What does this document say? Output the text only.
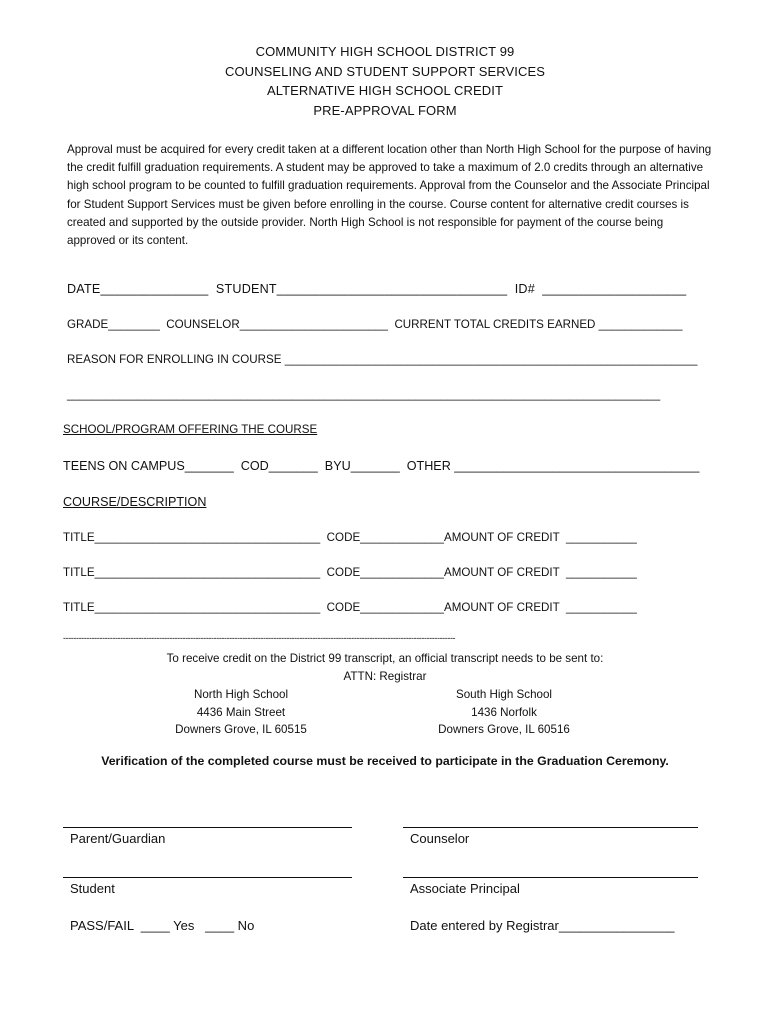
COMMUNITY HIGH SCHOOL DISTRICT 99
COUNSELING AND STUDENT SUPPORT SERVICES
ALTERNATIVE HIGH SCHOOL CREDIT
PRE-APPROVAL FORM
Approval must be acquired for every credit taken at a different location other than North High School for the purpose of having the credit fulfill graduation requirements. A student may be approved to take a maximum of 2.0 credits through an alternative high school program to be counted to fulfill graduation requirements. Approval from the Counselor and the Associate Principal for Student Support Services must be given before enrolling in the course. Course content for alternative credit courses is created and supported by the outside provider. North High School is not responsible for payment of the course being approved or its content.
DATE_______________  STUDENT________________________________  ID#  ____________________
GRADE________  COUNSELOR_______________________  CURRENT TOTAL CREDITS EARNED _____________
REASON FOR ENROLLING IN COURSE ________________________________________________________________
____________________________________________________________________________________________
SCHOOL/PROGRAM OFFERING THE COURSE
TEENS ON CAMPUS_______  COD_______  BYU_______  OTHER ___________________________________
COURSE/DESCRIPTION
TITLE___________________________________  CODE_____________AMOUNT OF CREDIT  ___________
TITLE___________________________________  CODE_____________AMOUNT OF CREDIT  ___________
TITLE___________________________________  CODE_____________AMOUNT OF CREDIT  ___________
-------------------------------------------------------------------------------------------------------------------------------------------------------
To receive credit on the District 99 transcript, an official transcript needs to be sent to:
ATTN: Registrar
North High School
4436 Main Street
Downers Grove, IL 60515
South High School
1436 Norfolk
Downers Grove, IL 60516
Verification of the completed course must be received to participate in the Graduation Ceremony.
Parent/Guardian	Counselor
Student	Associate Principal
PASS/FAIL  ____ Yes   ____ No	Date entered by Registrar________________
